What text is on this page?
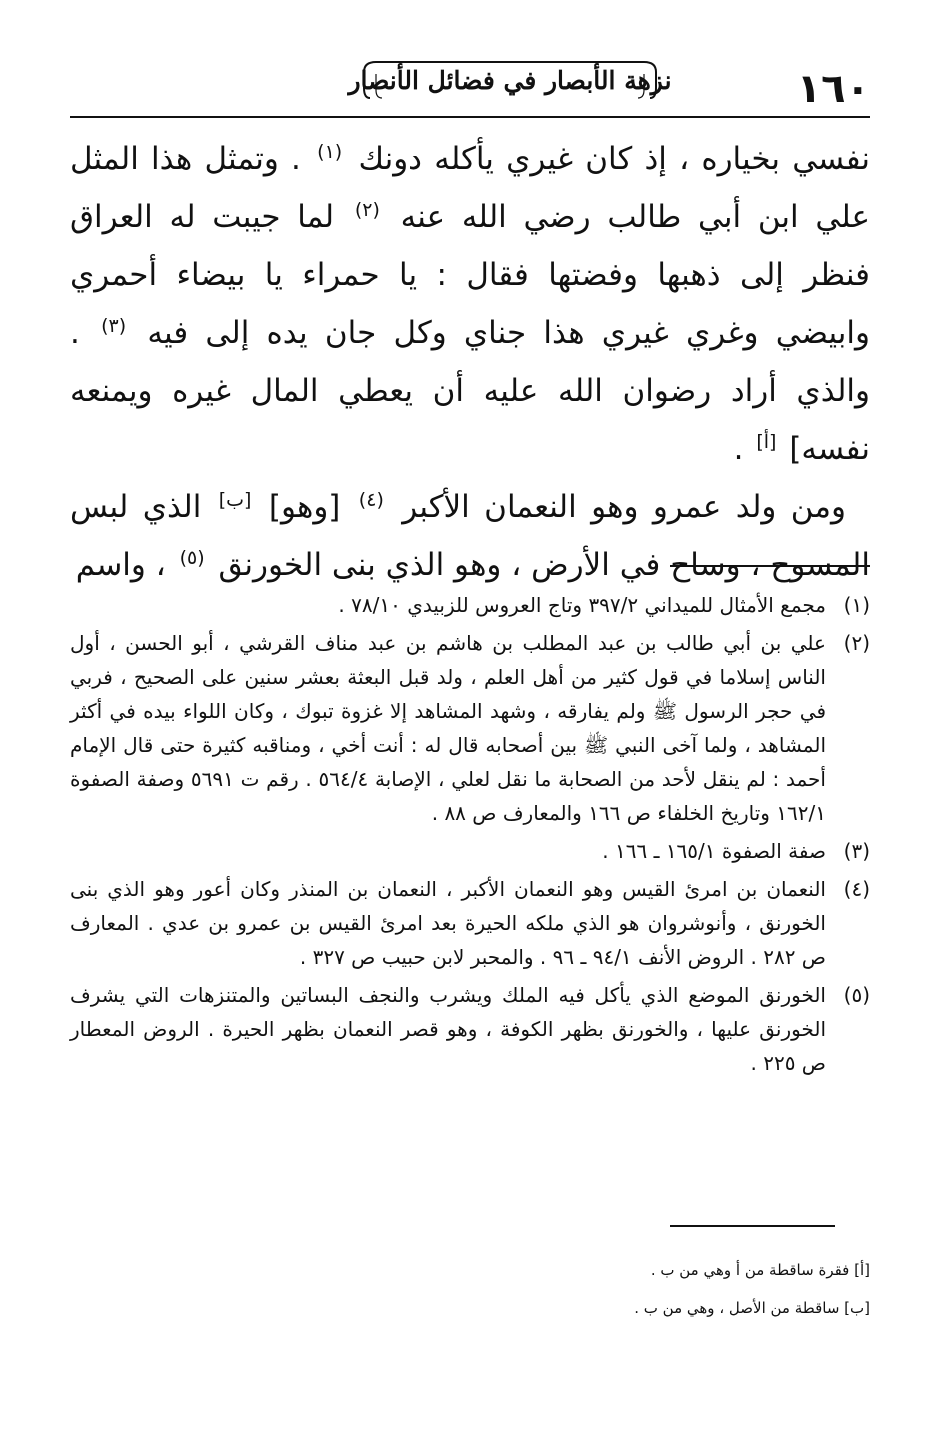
١٦٠
نزهة الأبصار في فضائل الأنصار

نفسي بخياره ، إذ كان غيري يأكله دونك $^{(١)}$ . وتمثل هذا المثل علي ابن أبي طالب رضي الله عنه $^{(٢)}$ لما جيبت له العراق فنظر إلى ذهبها وفضتها فقال : يا حمراء يا بيضاء أحمري وابيضي وغري غيري هذا جناي وكل جان يده إلى فيه $^{(٣)}$ . والذي أراد رضوان الله عليه أن يعطي المال غيره ويمنعه نفسه] [أ] .

ومن ولد عمرو وهو النعمان الأكبر $^{(٤)}$ [وهو] [ب] الذي لبس المسوح ، وساح في الأرض ، وهو الذي بنى الخورنق $^{(٥)}$ ، واسم

(١)
مجمع الأمثال للميداني ٣٩٧/٢ وتاج العروس للزبيدي ٧٨/١٠ .
(٢)
علي بن أبي طالب بن عبد المطلب بن هاشم بن عبد مناف القرشي ، أبو الحسن ، أول الناس إسلاما في قول كثير من أهل العلم ، ولد قبل البعثة بعشر سنين على الصحيح ، فربي في حجر الرسول ﷺ ولم يفارقه ، وشهد المشاهد إلا غزوة تبوك ، وكان اللواء بيده في أكثر المشاهد ، ولما آخى النبي ﷺ بين أصحابه قال له : أنت أخي ، ومناقبه كثيرة حتى قال الإمام أحمد : لم ينقل لأحد من الصحابة ما نقل لعلي ، الإصابة ٥٦٤/٤ . رقم ت ٥٦٩١ وصفة الصفوة ١٦٢/١ وتاريخ الخلفاء ص ١٦٦ والمعارف ص ٨٨ .
(٣)
صفة الصفوة ١٦٥/١ ـ ١٦٦ .
(٤)
النعمان بن امرئ القيس وهو النعمان الأكبر ، النعمان بن المنذر وكان أعور وهو الذي بنى الخورنق ، وأنوشروان هو الذي ملكه الحيرة بعد امرئ القيس بن عمرو بن عدي . المعارف ص ٢٨٢ . الروض الأنف ٩٤/١ ـ ٩٦ . والمحبر لابن حبيب ص ٣٢٧ .
(٥)
الخورنق الموضع الذي يأكل فيه الملك ويشرب والنجف البساتين والمتنزهات التي يشرف الخورنق عليها ، والخورنق بظهر الكوفة ، وهو قصر النعمان بظهر الحيرة . الروض المعطار ص ٢٢٥ .

[أ] فقرة ساقطة من أ وهي من ب .

[ب] ساقطة من الأصل ، وهي من ب .
